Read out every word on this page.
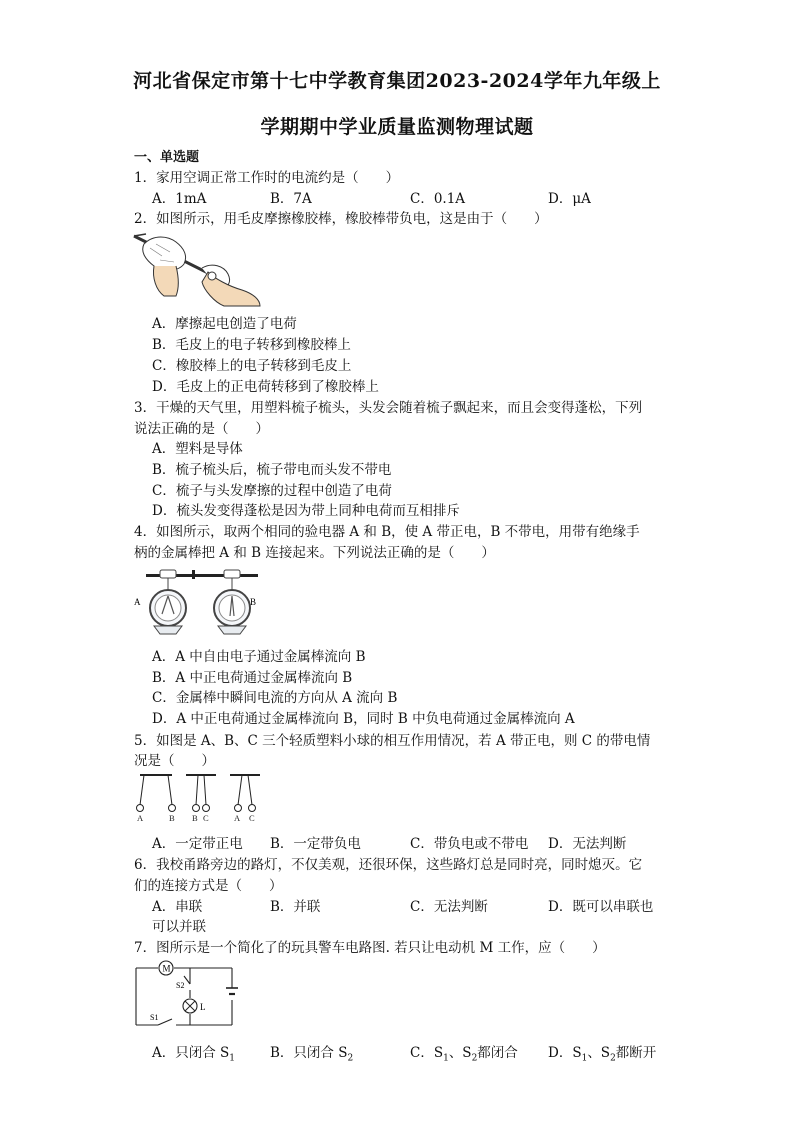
河北省保定市第十七中学教育集团2023-2024学年九年级上
学期期中学业质量监测物理试题
一、单选题
1．家用空调正常工作时的电流约是（　　）
A．1mA	B．7A	C．0.1A	D．μA
2．如图所示，用毛皮摩擦橡胶棒，橡胶棒带负电，这是由于（　　）
A．摩擦起电创造了电荷
B．毛皮上的电子转移到橡胶棒上
C．橡胶棒上的电子转移到毛皮上
D．毛皮上的正电荷转移到了橡胶棒上
3．干燥的天气里，用塑料梳子梳头，头发会随着梳子飘起来，而且会变得蓬松，下列
说法正确的是（　　）
A．塑料是导体
B．梳子梳头后，梳子带电而头发不带电
C．梳子与头发摩擦的过程中创造了电荷
D．梳头发变得蓬松是因为带上同种电荷而互相排斥
4．如图所示，取两个相同的验电器 A 和 B，使 A 带正电，B 不带电，用带有绝缘手
柄的金属棒把 A 和 B 连接起来。下列说法正确的是（　　）
A	B
A．A 中自由电子通过金属棒流向 B
B．A 中正电荷通过金属棒流向 B
C．金属棒中瞬间电流的方向从 A 流向 B
D．A 中正电荷通过金属棒流向 B，同时 B 中负电荷通过金属棒流向 A
5．如图是 A、B、C 三个轻质塑料小球的相互作用情况，若 A 带正电，则 C 的带电情
况是（　　）
A	B B C	A C
A．一定带正电 B．一定带负电	C．带负电或不带电 D．无法判断
6．我校甬路旁边的路灯，不仅美观，还很环保，这些路灯总是同时亮，同时熄灭。它
们的连接方式是（　　）
A．串联	B．并联	C．无法判断	D．既可以串联也
可以并联
7．图所示是一个简化了的玩具警车电路图. 若只让电动机 M 工作，应（　　）
M
L
S2
S1
A．只闭合 $S_1$	B．只闭合 $S_2$	C．$S_1$、$S_2$都闭合 D．$S_1$、$S_2$都断开
